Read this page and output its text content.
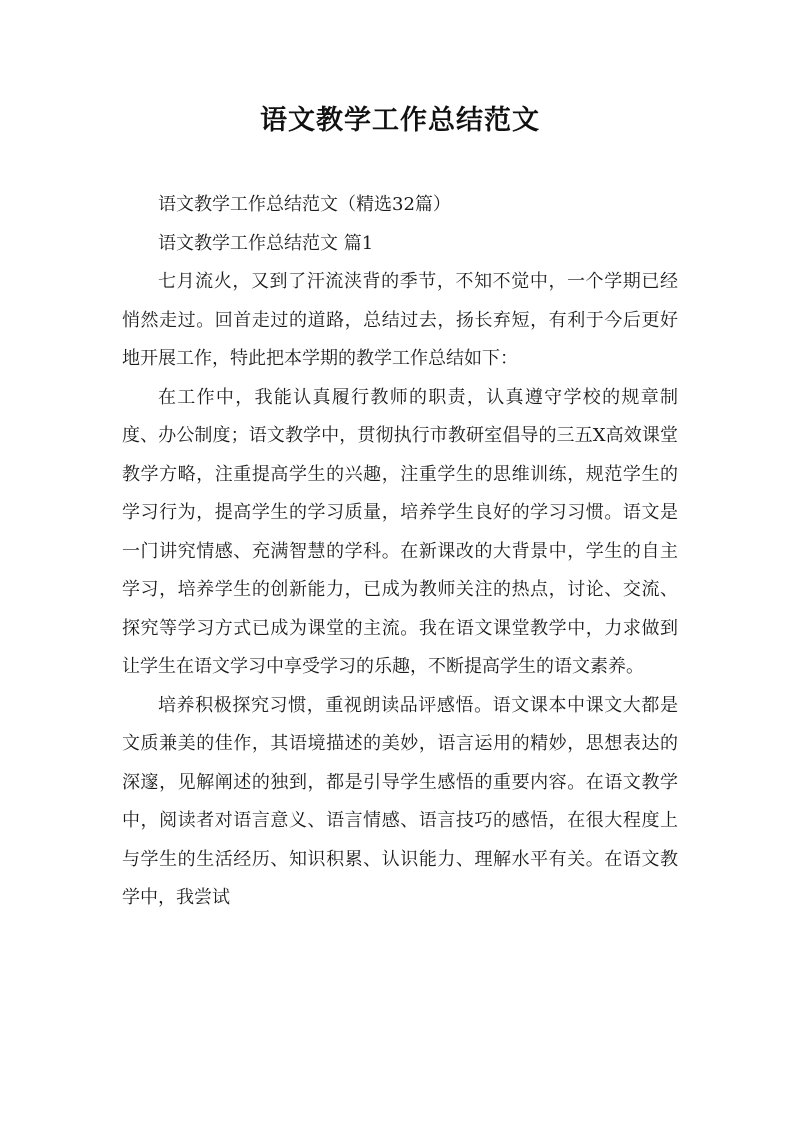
语文教学工作总结范文

语文教学工作总结范文（精选32篇）

语文教学工作总结范文 篇1

七月流火，又到了汗流浃背的季节，不知不觉中，一个学期已经悄然走过。回首走过的道路，总结过去，扬长弃短，有利于今后更好地开展工作，特此把本学期的教学工作总结如下：

在工作中，我能认真履行教师的职责，认真遵守学校的规章制度、办公制度；语文教学中，贯彻执行市教研室倡导的三五X高效课堂教学方略，注重提高学生的兴趣，注重学生的思维训练，规范学生的学习行为，提高学生的学习质量，培养学生良好的学习习惯。语文是一门讲究情感、充满智慧的学科。在新课改的大背景中，学生的自主学习，培养学生的创新能力，已成为教师关注的热点，讨论、交流、探究等学习方式已成为课堂的主流。我在语文课堂教学中，力求做到让学生在语文学习中享受学习的乐趣，不断提高学生的语文素养。

培养积极探究习惯，重视朗读品评感悟。语文课本中课文大都是文质兼美的佳作，其语境描述的美妙，语言运用的精妙，思想表达的深邃，见解阐述的独到，都是引导学生感悟的重要内容。在语文教学中，阅读者对语言意义、语言情感、语言技巧的感悟，在很大程度上与学生的生活经历、知识积累、认识能力、理解水平有关。在语文教学中，我尝试
